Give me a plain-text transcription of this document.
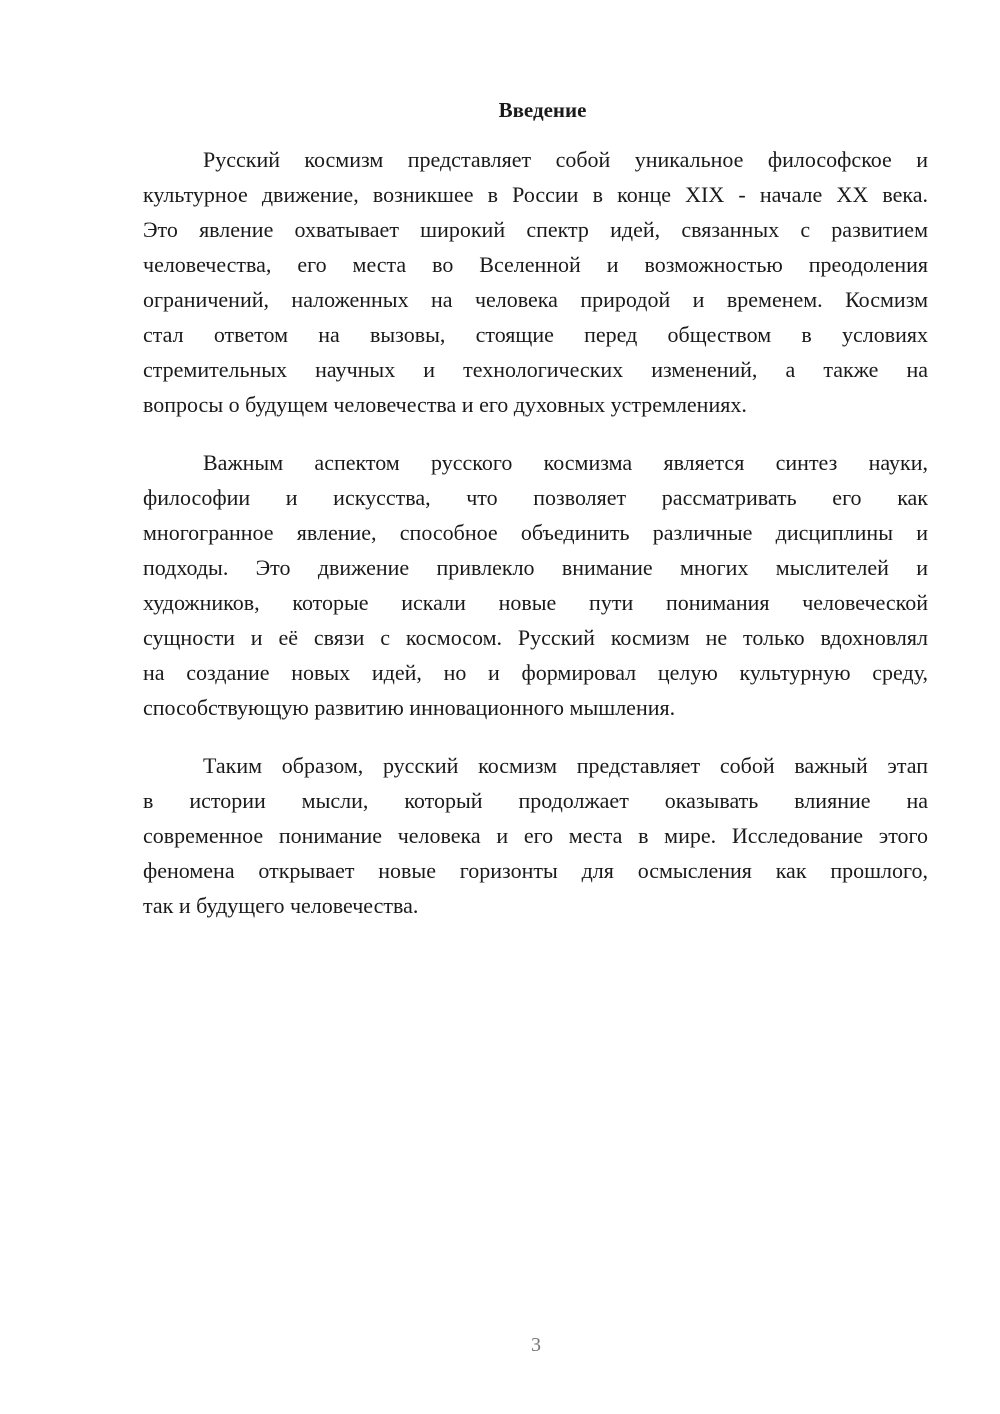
Введение
Русский космизм представляет собой уникальное философское и
культурное движение, возникшее в России в конце XIX - начале XX века.
Это явление охватывает широкий спектр идей, связанных с развитием
человечества, его места во Вселенной и возможностью преодоления
ограничений, наложенных на человека природой и временем. Космизм
стал ответом на вызовы, стоящие перед обществом в условиях
стремительных научных и технологических изменений, а также на
вопросы о будущем человечества и его духовных устремлениях.
Важным аспектом русского космизма является синтез науки,
философии и искусства, что позволяет рассматривать его как
многогранное явление, способное объединить различные дисциплины и
подходы. Это движение привлекло внимание многих мыслителей и
художников, которые искали новые пути понимания человеческой
сущности и её связи с космосом. Русский космизм не только вдохновлял
на создание новых идей, но и формировал целую культурную среду,
способствующую развитию инновационного мышления.
Таким образом, русский космизм представляет собой важный этап
в истории мысли, который продолжает оказывать влияние на
современное понимание человека и его места в мире. Исследование этого
феномена открывает новые горизонты для осмысления как прошлого,
так и будущего человечества.
3
